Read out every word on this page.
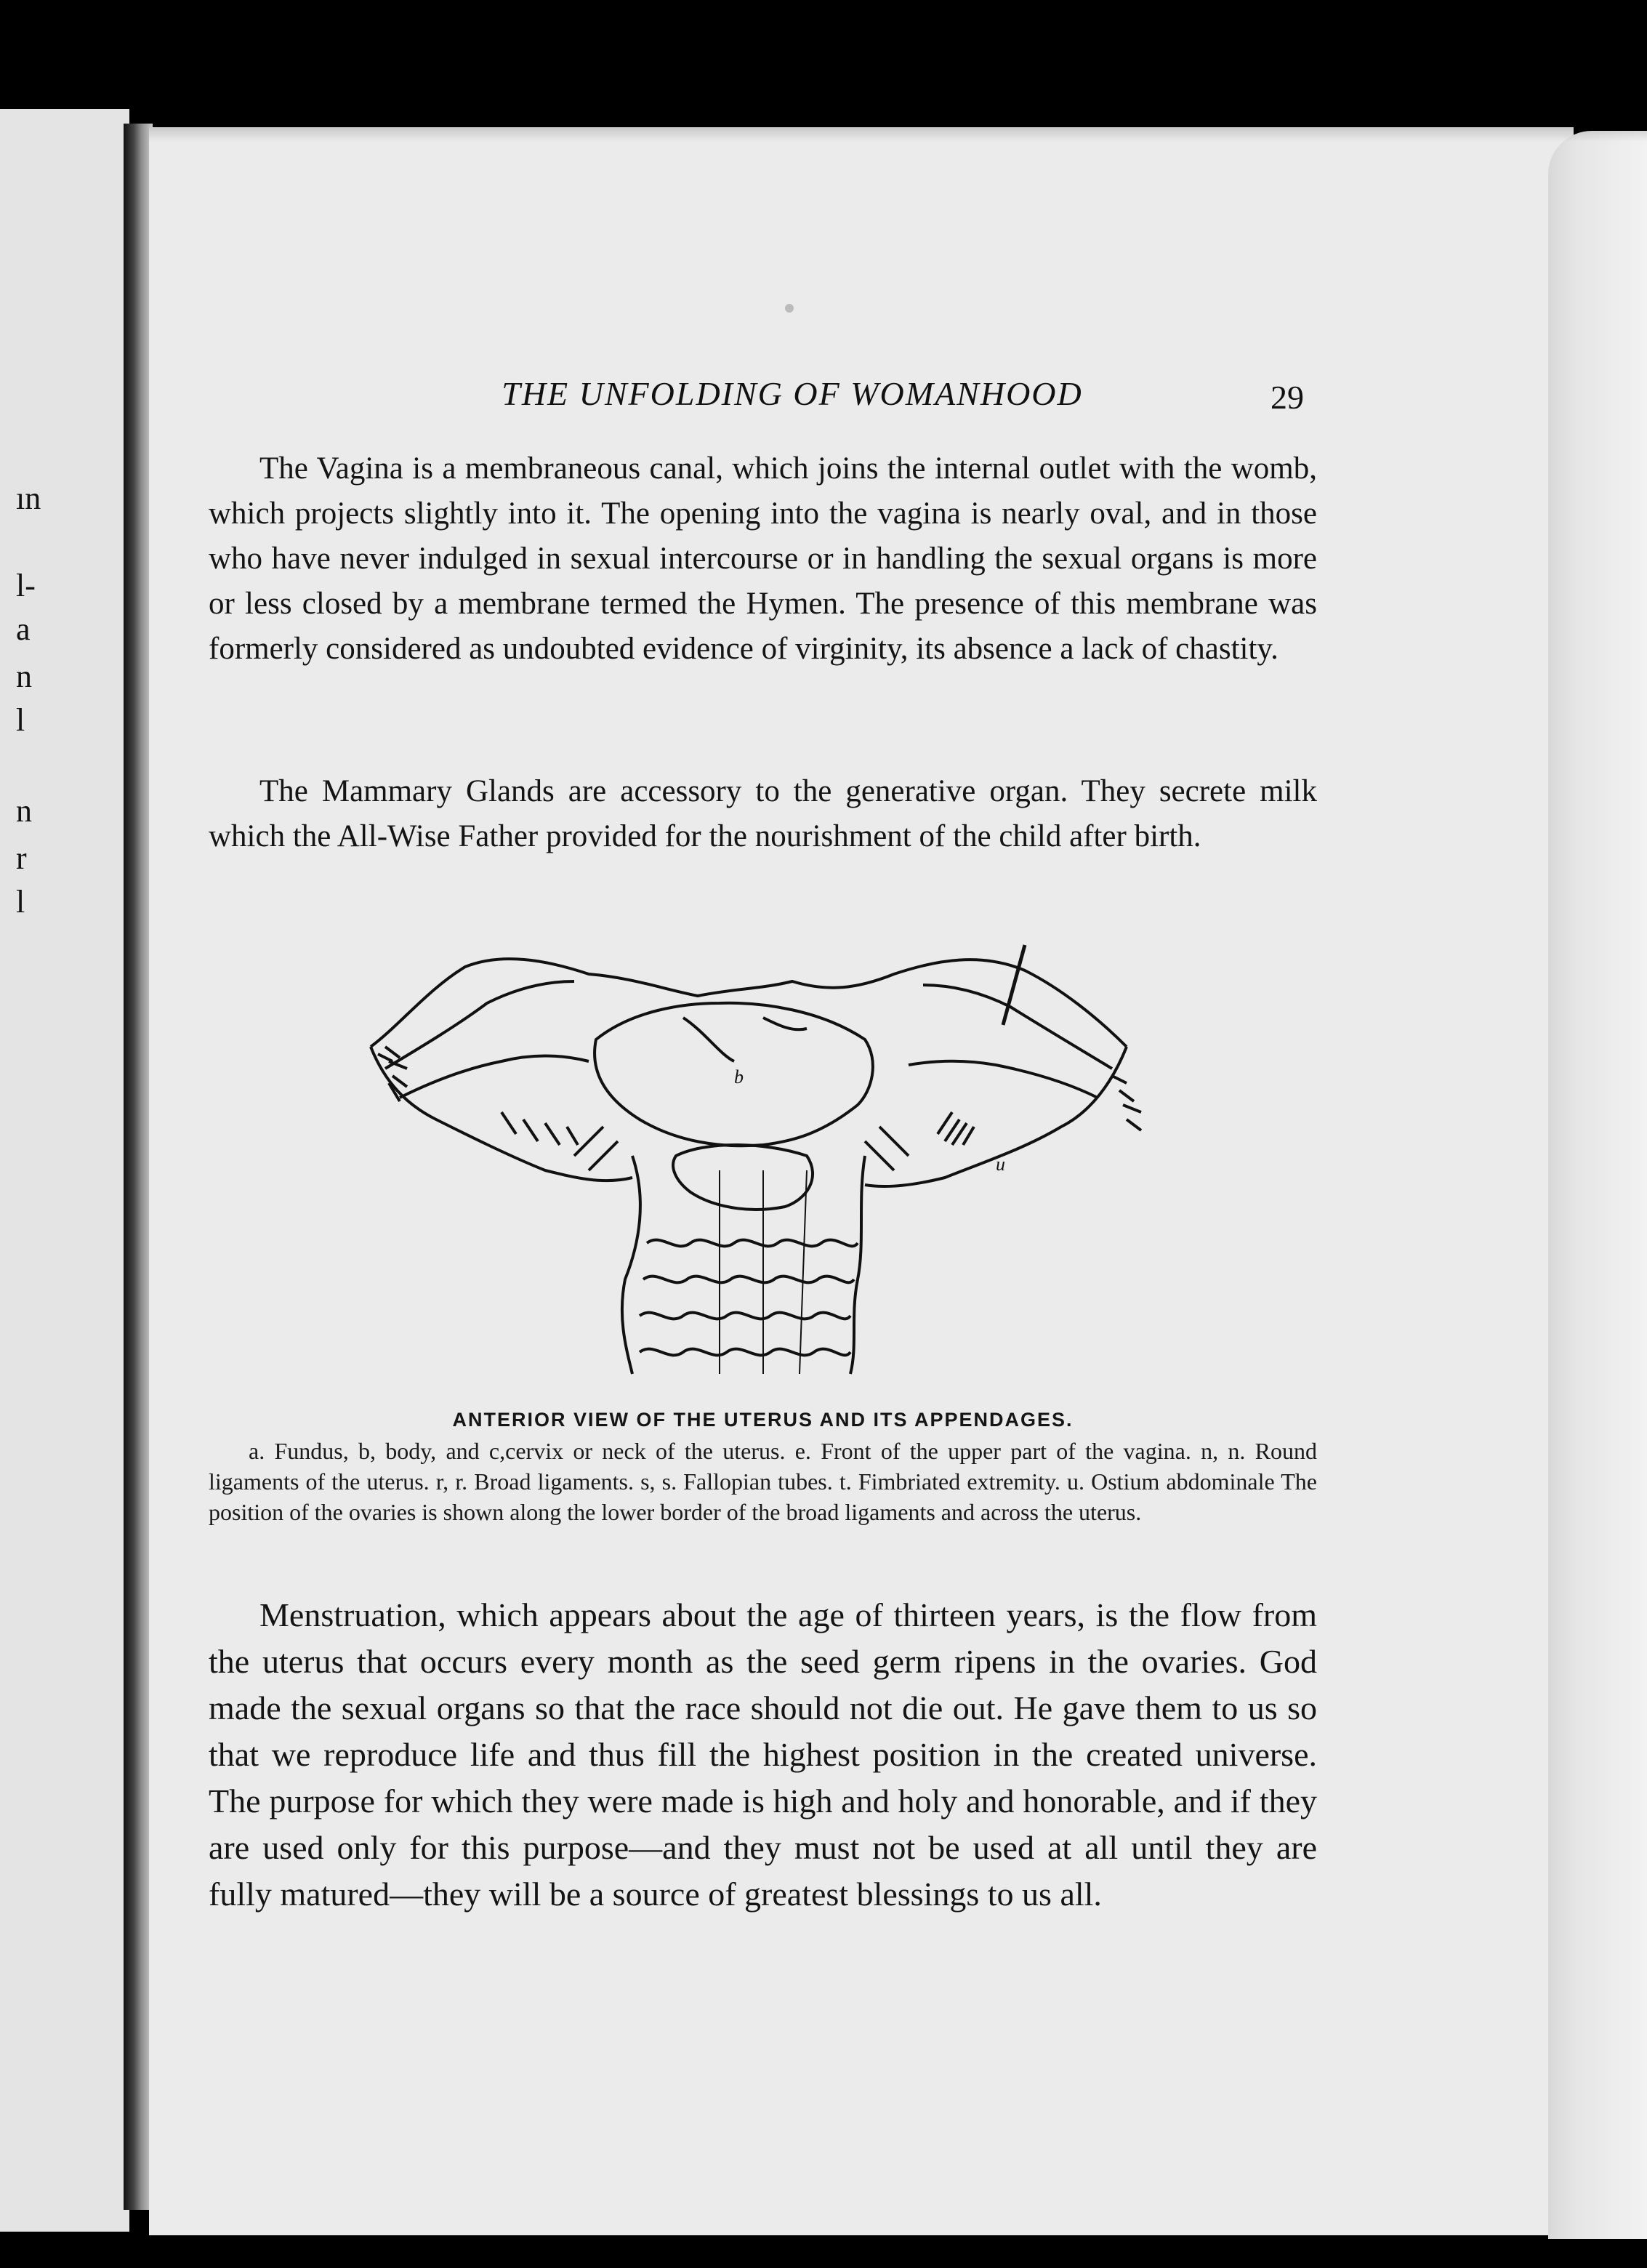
ın
l-
a
n
l
n
r
l
THE UNFOLDING OF WOMANHOOD	29

The Vagina is a membraneous canal, which joins the internal outlet with the womb, which projects slightly into it. The opening into the vagina is nearly oval, and in those who have never indulged in sexual intercourse or in handling the sexual organs is more or less closed by a membrane termed the Hymen. The presence of this membrane was formerly considered as undoubted evidence of virginity, its absence a lack of chastity.

The Mammary Glands are accessory to the generative organ. They secrete milk which the All-Wise Father provided for the nourishment of the child after birth.

b
u
ANTERIOR VIEW OF THE UTERUS AND ITS APPENDAGES.

a. Fundus, b, body, and c,cervix or neck of the uterus. e. Front of the upper part of the vagina. n, n. Round ligaments of the uterus. r, r. Broad ligaments. s, s. Fallopian tubes. t. Fimbriated extremity. u. Ostium abdominale The position of the ovaries is shown along the lower border of the broad ligaments and across the uterus.

Menstruation, which appears about the age of thirteen years, is the flow from the uterus that occurs every month as the seed germ ripens in the ovaries. God made the sexual organs so that the race should not die out. He gave them to us so that we reproduce life and thus fill the highest position in the created universe. The purpose for which they were made is high and holy and honorable, and if they are used only for this purpose—and they must not be used at all until they are fully matured—they will be a source of greatest blessings to us all.
